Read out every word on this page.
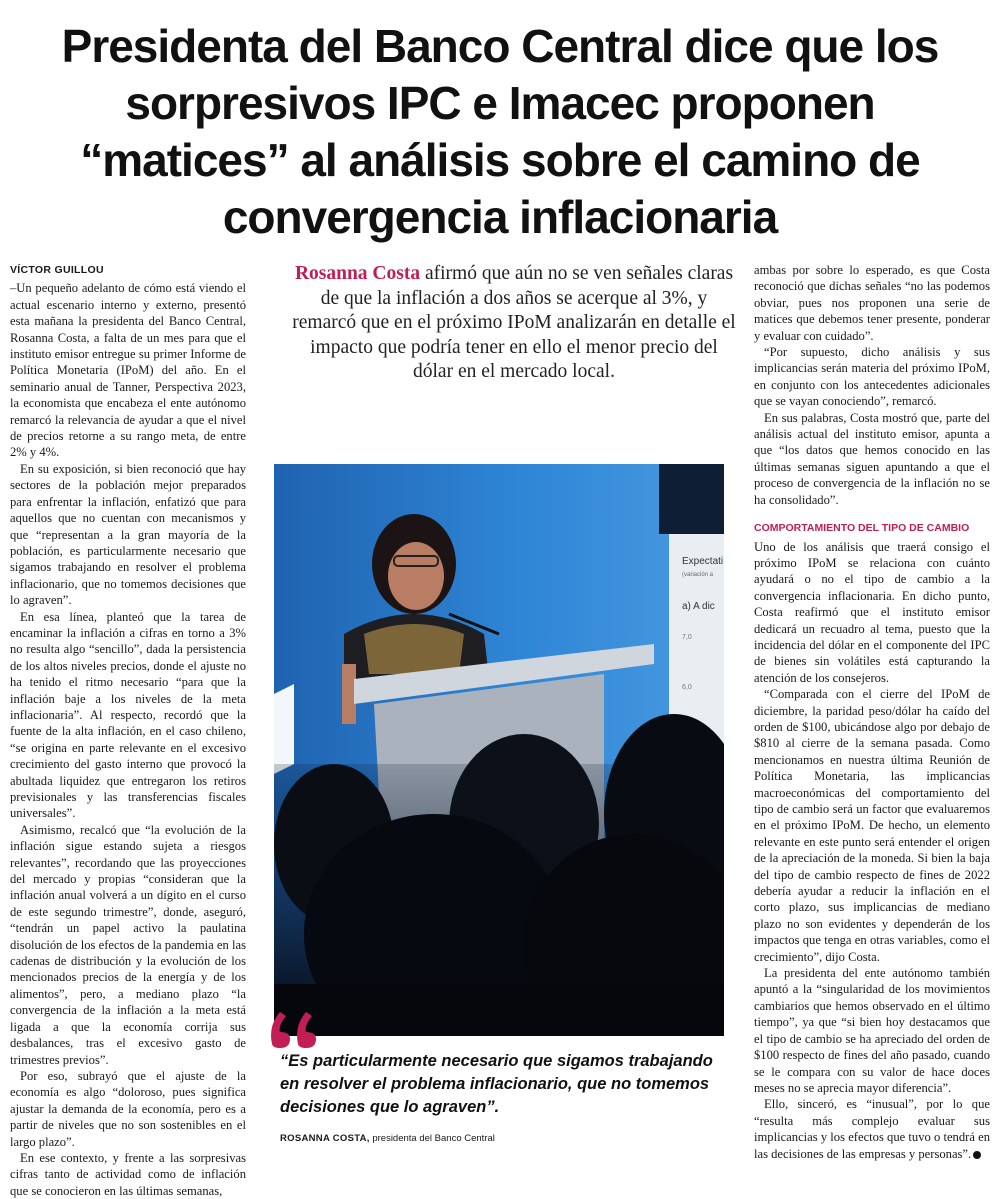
Presidenta del Banco Central dice que los sorpresivos IPC e Imacec proponen “matices” al análisis sobre el camino de convergencia inflacionaria
VÍCTOR GUILLOU

–Un pequeño adelanto de cómo está viendo el actual escenario interno y externo, presentó esta mañana la presidenta del Banco Central, Rosanna Costa, a falta de un mes para que el instituto emisor entregue su primer Informe de Política Monetaria (IPoM) del año. En el seminario anual de Tanner, Perspectiva 2023, la economista que encabeza el ente autónomo remarcó la relevancia de ayudar a que el nivel de precios retorne a su rango meta, de entre 2% y 4%.

En su exposición, si bien reconoció que hay sectores de la población mejor preparados para enfrentar la inflación, enfatizó que para aquellos que no cuentan con mecanismos y que “representan a la gran mayoría de la población, es particularmente necesario que sigamos trabajando en resolver el problema inflacionario, que no tomemos decisiones que lo agraven”.

En esa línea, planteó que la tarea de encaminar la inflación a cifras en torno a 3% no resulta algo “sencillo”, dada la persistencia de los altos niveles precios, donde el ajuste no ha tenido el ritmo necesario “para que la inflación baje a los niveles de la meta inflacionaria”. Al respecto, recordó que la fuente de la alta inflación, en el caso chileno, “se origina en parte relevante en el excesivo crecimiento del gasto interno que provocó la abultada liquidez que entregaron los retiros previsionales y las transferencias fiscales universales”.

Asimismo, recalcó que “la evolución de la inflación sigue estando sujeta a riesgos relevantes”, recordando que las proyecciones del mercado y propias “consideran que la inflación anual volverá a un dígito en el curso de este segundo trimestre”, donde, aseguró, “tendrán un papel activo la paulatina disolución de los efectos de la pandemia en las cadenas de distribución y la evolución de los mencionados precios de la energía y de los alimentos”, pero, a mediano plazo “la convergencia de la inflación a la meta está ligada a que la economía corrija sus desbalances, tras el excesivo gasto de trimestres previos”.

Por eso, subrayó que el ajuste de la economía es algo “doloroso, pues significa ajustar la demanda de la economía, pero es a partir de niveles que no son sostenibles en el largo plazo”.

En ese contexto, y frente a las sorpresivas cifras tanto de actividad como de inflación que se conocieron en las últimas semanas,

Rosanna Costa afirmó que aún no se ven señales claras de que la inflación a dos años se acerque al 3%, y remarcó que en el próximo IPoM analizarán en detalle el impacto que podría tener en ello el menor precio del dólar en el mercado local.
Expectati
(variación a
a) A dic
7,0
6,0
“Es particularmente necesario que sigamos trabajando en resolver el problema inflacionario, que no tomemos decisiones que lo agraven”.
ROSANNA COSTA, presidenta del Banco Central

ambas por sobre lo esperado, es que Costa reconoció que dichas señales “no las podemos obviar, pues nos proponen una serie de matices que debemos tener presente, ponderar y evaluar con cuidado”.

“Por supuesto, dicho análisis y sus implicancias serán materia del próximo IPoM, en conjunto con los antecedentes adicionales que se vayan conociendo”, remarcó.

En sus palabras, Costa mostró que, parte del análisis actual del instituto emisor, apunta a que “los datos que hemos conocido en las últimas semanas siguen apuntando a que el proceso de convergencia de la inflación no se ha consolidado”.

COMPORTAMIENTO DEL TIPO DE CAMBIO

Uno de los análisis que traerá consigo el próximo IPoM se relaciona con cuánto ayudará o no el tipo de cambio a la convergencia inflacionaria. En dicho punto, Costa reafirmó que el instituto emisor dedicará un recuadro al tema, puesto que la incidencia del dólar en el componente del IPC de bienes sin volátiles está capturando la atención de los consejeros.

“Comparada con el cierre del IPoM de diciembre, la paridad peso/dólar ha caído del orden de $100, ubicándose algo por debajo de $810 al cierre de la semana pasada. Como mencionamos en nuestra última Reunión de Política Monetaria, las implicancias macroeconómicas del comportamiento del tipo de cambio será un factor que evaluaremos en el próximo IPoM. De hecho, un elemento relevante en este punto será entender el origen de la apreciación de la moneda. Si bien la baja del tipo de cambio respecto de fines de 2022 debería ayudar a reducir la inflación en el corto plazo, sus implicancias de mediano plazo no son evidentes y dependerán de los impactos que tenga en otras variables, como el crecimiento”, dijo Costa.

La presidenta del ente autónomo también apuntó a la “singularidad de los movimientos cambiarios que hemos observado en el último tiempo”, ya que “si bien hoy destacamos que el tipo de cambio se ha apreciado del orden de $100 respecto de fines del año pasado, cuando se le compara con su valor de hace doces meses no se aprecia mayor diferencia”.

Ello, sinceró, es “inusual”, por lo que “resulta más complejo evaluar sus implicancias y los efectos que tuvo o tendrá en las decisiones de las empresas y personas”.
